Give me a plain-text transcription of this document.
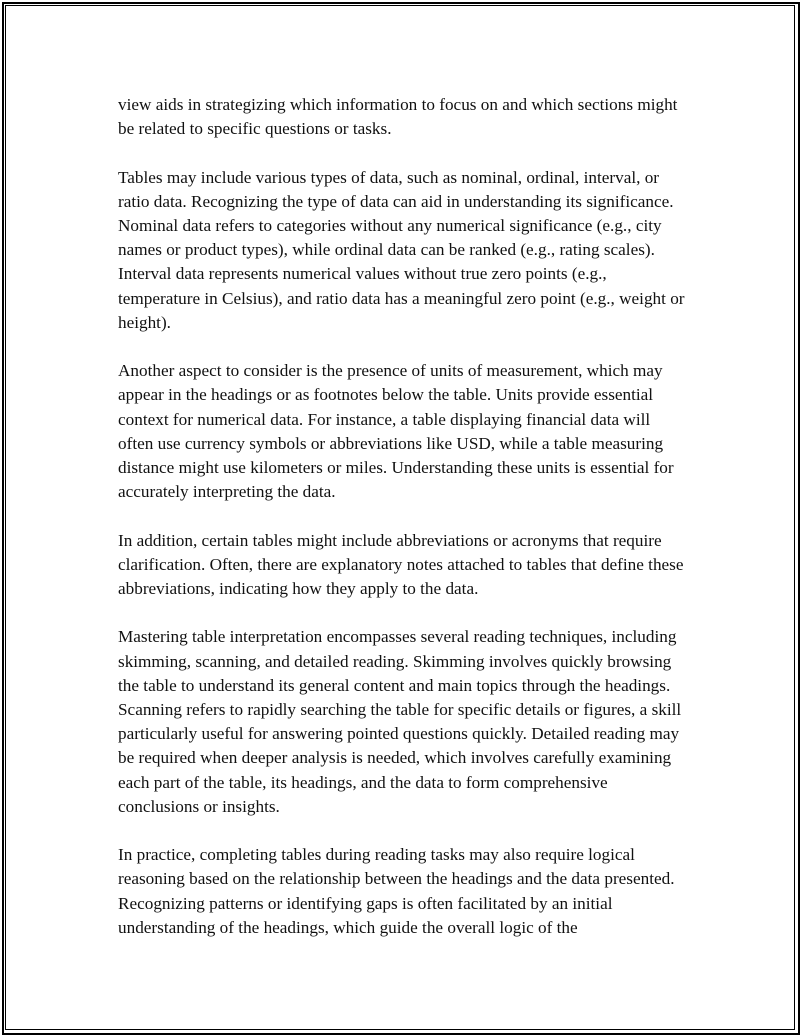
view aids in strategizing which information to focus on and which sections might be related to specific questions or tasks.

Tables may include various types of data, such as nominal, ordinal, interval, or ratio data. Recognizing the type of data can aid in understanding its significance. Nominal data refers to categories without any numerical significance (e.g., city names or product types), while ordinal data can be ranked (e.g., rating scales). Interval data represents numerical values without true zero points (e.g., temperature in Celsius), and ratio data has a meaningful zero point (e.g., weight or height).

Another aspect to consider is the presence of units of measurement, which may appear in the headings or as footnotes below the table. Units provide essential context for numerical data. For instance, a table displaying financial data will often use currency symbols or abbreviations like USD, while a table measuring distance might use kilometers or miles. Understanding these units is essential for accurately interpreting the data.

In addition, certain tables might include abbreviations or acronyms that require clarification. Often, there are explanatory notes attached to tables that define these abbreviations, indicating how they apply to the data.

Mastering table interpretation encompasses several reading techniques, including skimming, scanning, and detailed reading. Skimming involves quickly browsing the table to understand its general content and main topics through the headings. Scanning refers to rapidly searching the table for specific details or figures, a skill particularly useful for answering pointed questions quickly. Detailed reading may be required when deeper analysis is needed, which involves carefully examining each part of the table, its headings, and the data to form comprehensive conclusions or insights.

In practice, completing tables during reading tasks may also require logical reasoning based on the relationship between the headings and the data presented. Recognizing patterns or identifying gaps is often facilitated by an initial understanding of the headings, which guide the overall logic of the
